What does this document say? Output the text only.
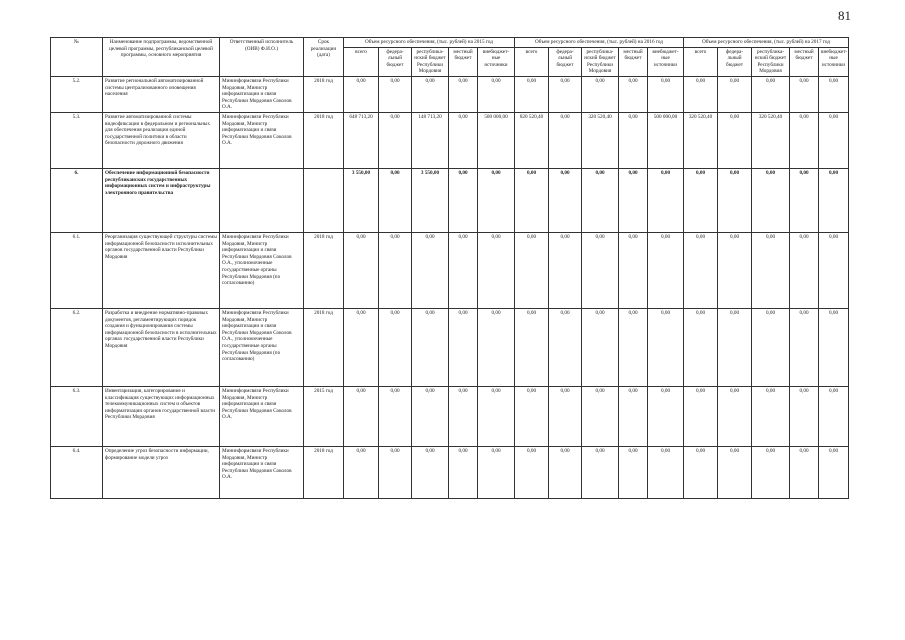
81
№	Наименование подпрограммы, ведомственной целевой программы, республиканской целевой программы, основного мероприятия	Ответственный исполнитель (ОИВ) Ф.И.О.)	Срок реализации (дата)	Объем ресурсного обеспечения, (тыс. рублей) на 2015 год					Объем ресурсного обеспечения, (тыс. рублей) на 2016 год					Объем ресурсного обеспечения, (тыс. рублей) на 2017 год				
				всего	федера-льный бюджет	республика-нский бюджет Республики Мордовия	местный бюджет	внебюджет-ные источники	всего	федера-льный бюджет	республика-нский бюджет Республики Мордовия	местный бюджет	внебюджет-ные источники	всего	федера-льный бюджет	республика-нский бюджет Республики Мордовия	местный бюджет	внебюджет-ные источники
5.2.	Развитие региональной автоматизированной системы централизованного оповещения населения	Мининформсвязи Республики Мордовия, Министр информатизации и связи Республики Мордовия Соколов О.А.	2018 год	0,00	0,00	0,00	0,00	0,00	0,00	0,00	0,00	0,00	0,00	0,00	0,00	0,00	0,00	0,00
5.3.	Развитие автоматизированной системы видеофиксации в федеральном и региональных для обеспечения реализации единой государственной политики в области безопасности дорожного движения	Мининформсвязи Республики Мордовия, Министр информатизации и связи Республики Мордовия Соколов О.А.	2018 год	648 713,20	0,00	148 713,20	0,00	500 000,00	820 520,40	0,00	320 520,40	0,00	500 000,00	320 520,40	0,00	320 520,40	0,00	0,00
6.	Обеспечение информационной безопасности республиканских государственных информационных систем и инфраструктуры электронного правительства			3 550,00	0,00	3 550,00	0,00	0,00	0,00	0,00	0,00	0,00	0,00	0,00	0,00	0,00	0,00	0,00
6.1.	Реорганизация существующей структуры системы информационной безопасности исполнительных органов государственной власти Республики Мордовия	Мининформсвязи Республики Мордовия, Министр информатизации и связи Республики Мордовия Соколов О.А., уполномоченные государственные органы Республики Мордовия (по согласованию)	2018 год	0,00	0,00	0,00	0,00	0,00	0,00	0,00	0,00	0,00	0,00	0,00	0,00	0,00	0,00	0,00
6.2.	Разработка и внедрение нормативно-правовых документов, регламентирующих порядок создания и функционирования системы информационной безопасности в исполнительных органах государственной власти Республики Мордовия	Мининформсвязи Республики Мордовия, Министр информатизации и связи Республики Мордовия Соколов О.А., уполномоченные государственные органы Республики Мордовия (по согласованию)	2018 год	0,00	0,00	0,00	0,00	0,00	0,00	0,00	0,00	0,00	0,00	0,00	0,00	0,00	0,00	0,00
6.3.	Инвентаризация, категорирование и классификация существующих информационных телекоммуникационных систем и объектов информатизации органов государственной власти Республики Мордовия	Мининформсвязи Республики Мордовия, Министр информатизации и связи Республики Мордовия Соколов О.А.	2015 год	0,00	0,00	0,00	0,00	0,00	0,00	0,00	0,00	0,00	0,00	0,00	0,00	0,00	0,00	0,00
6.4.	Определение угроз безопасности информации, формирование модели угроз	Мининформсвязи Республики Мордовия, Министр информатизации и связи Республики Мордовия Соколов О.А.	2018 год	0,00	0,00	0,00	0,00	0,00	0,00	0,00	0,00	0,00	0,00	0,00	0,00	0,00	0,00	0,00
